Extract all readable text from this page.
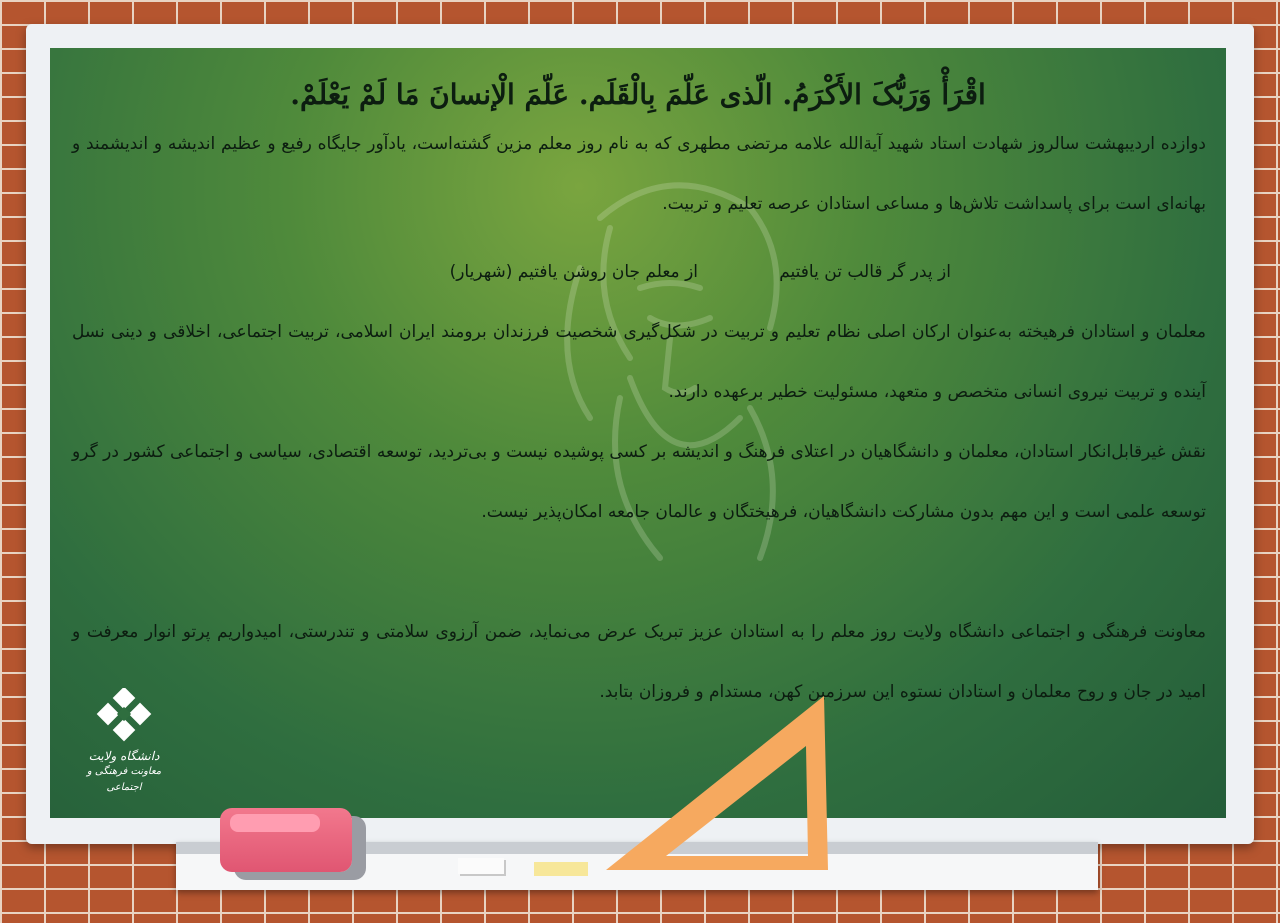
اقْرَأْ وَرَبُّکَ الأَکْرَمُ. الّذی عَلّمَ بِالْقَلَم. عَلّمَ الْإنسانَ مَا لَمْ یَعْلَمْ.

دوازده اردیبهشت سالروز شهادت استاد شهید آیةالله علامه مرتضی مطهری که به نام روز معلم مزین گشته‌است، یادآور جایگاه رفیع و عظیم اندیشه و اندیشمند و بهانه‌ای است برای پاسداشت تلاش‌ها و مساعی استادان عرصه تعلیم و تربیت.

از پدر گر قالب تن یافتیم
از معلم جان روشن یافتیم (شهریار)

معلمان و استادان فرهیخته به‌عنوان ارکان اصلی نظام تعلیم و تربیت در شکل‌گیری شخصیت فرزندان برومند ایران اسلامی، تربیت اجتماعی، اخلاقی و دینی نسل آینده و تربیت نیروی انسانی متخصص و متعهد، مسئولیت خطیر برعهده دارند.

نقش غیرقابل‌انکار استادان، معلمان و دانشگاهیان در اعتلای فرهنگ و اندیشه بر کسی پوشیده نیست و بی‌تردید، توسعه اقتصادی، سیاسی و اجتماعی کشور در گرو توسعه علمی است و این مهم بدون مشارکت دانشگاهیان، فرهیختگان و عالمان جامعه امکان‌پذیر نیست.

معاونت فرهنگی و اجتماعی دانشگاه ولایت روز معلم را به استادان عزیز تبریک عرض می‌نماید، ضمن آرزوی سلامتی و تندرستی، امیدواریم پرتو انوار معرفت و امید در جان و روح معلمان و استادان نستوه این سرزمین کهن، مستدام و فروزان بتابد.

دانشگاه ولایت

معاونت فرهنگی و اجتماعی
